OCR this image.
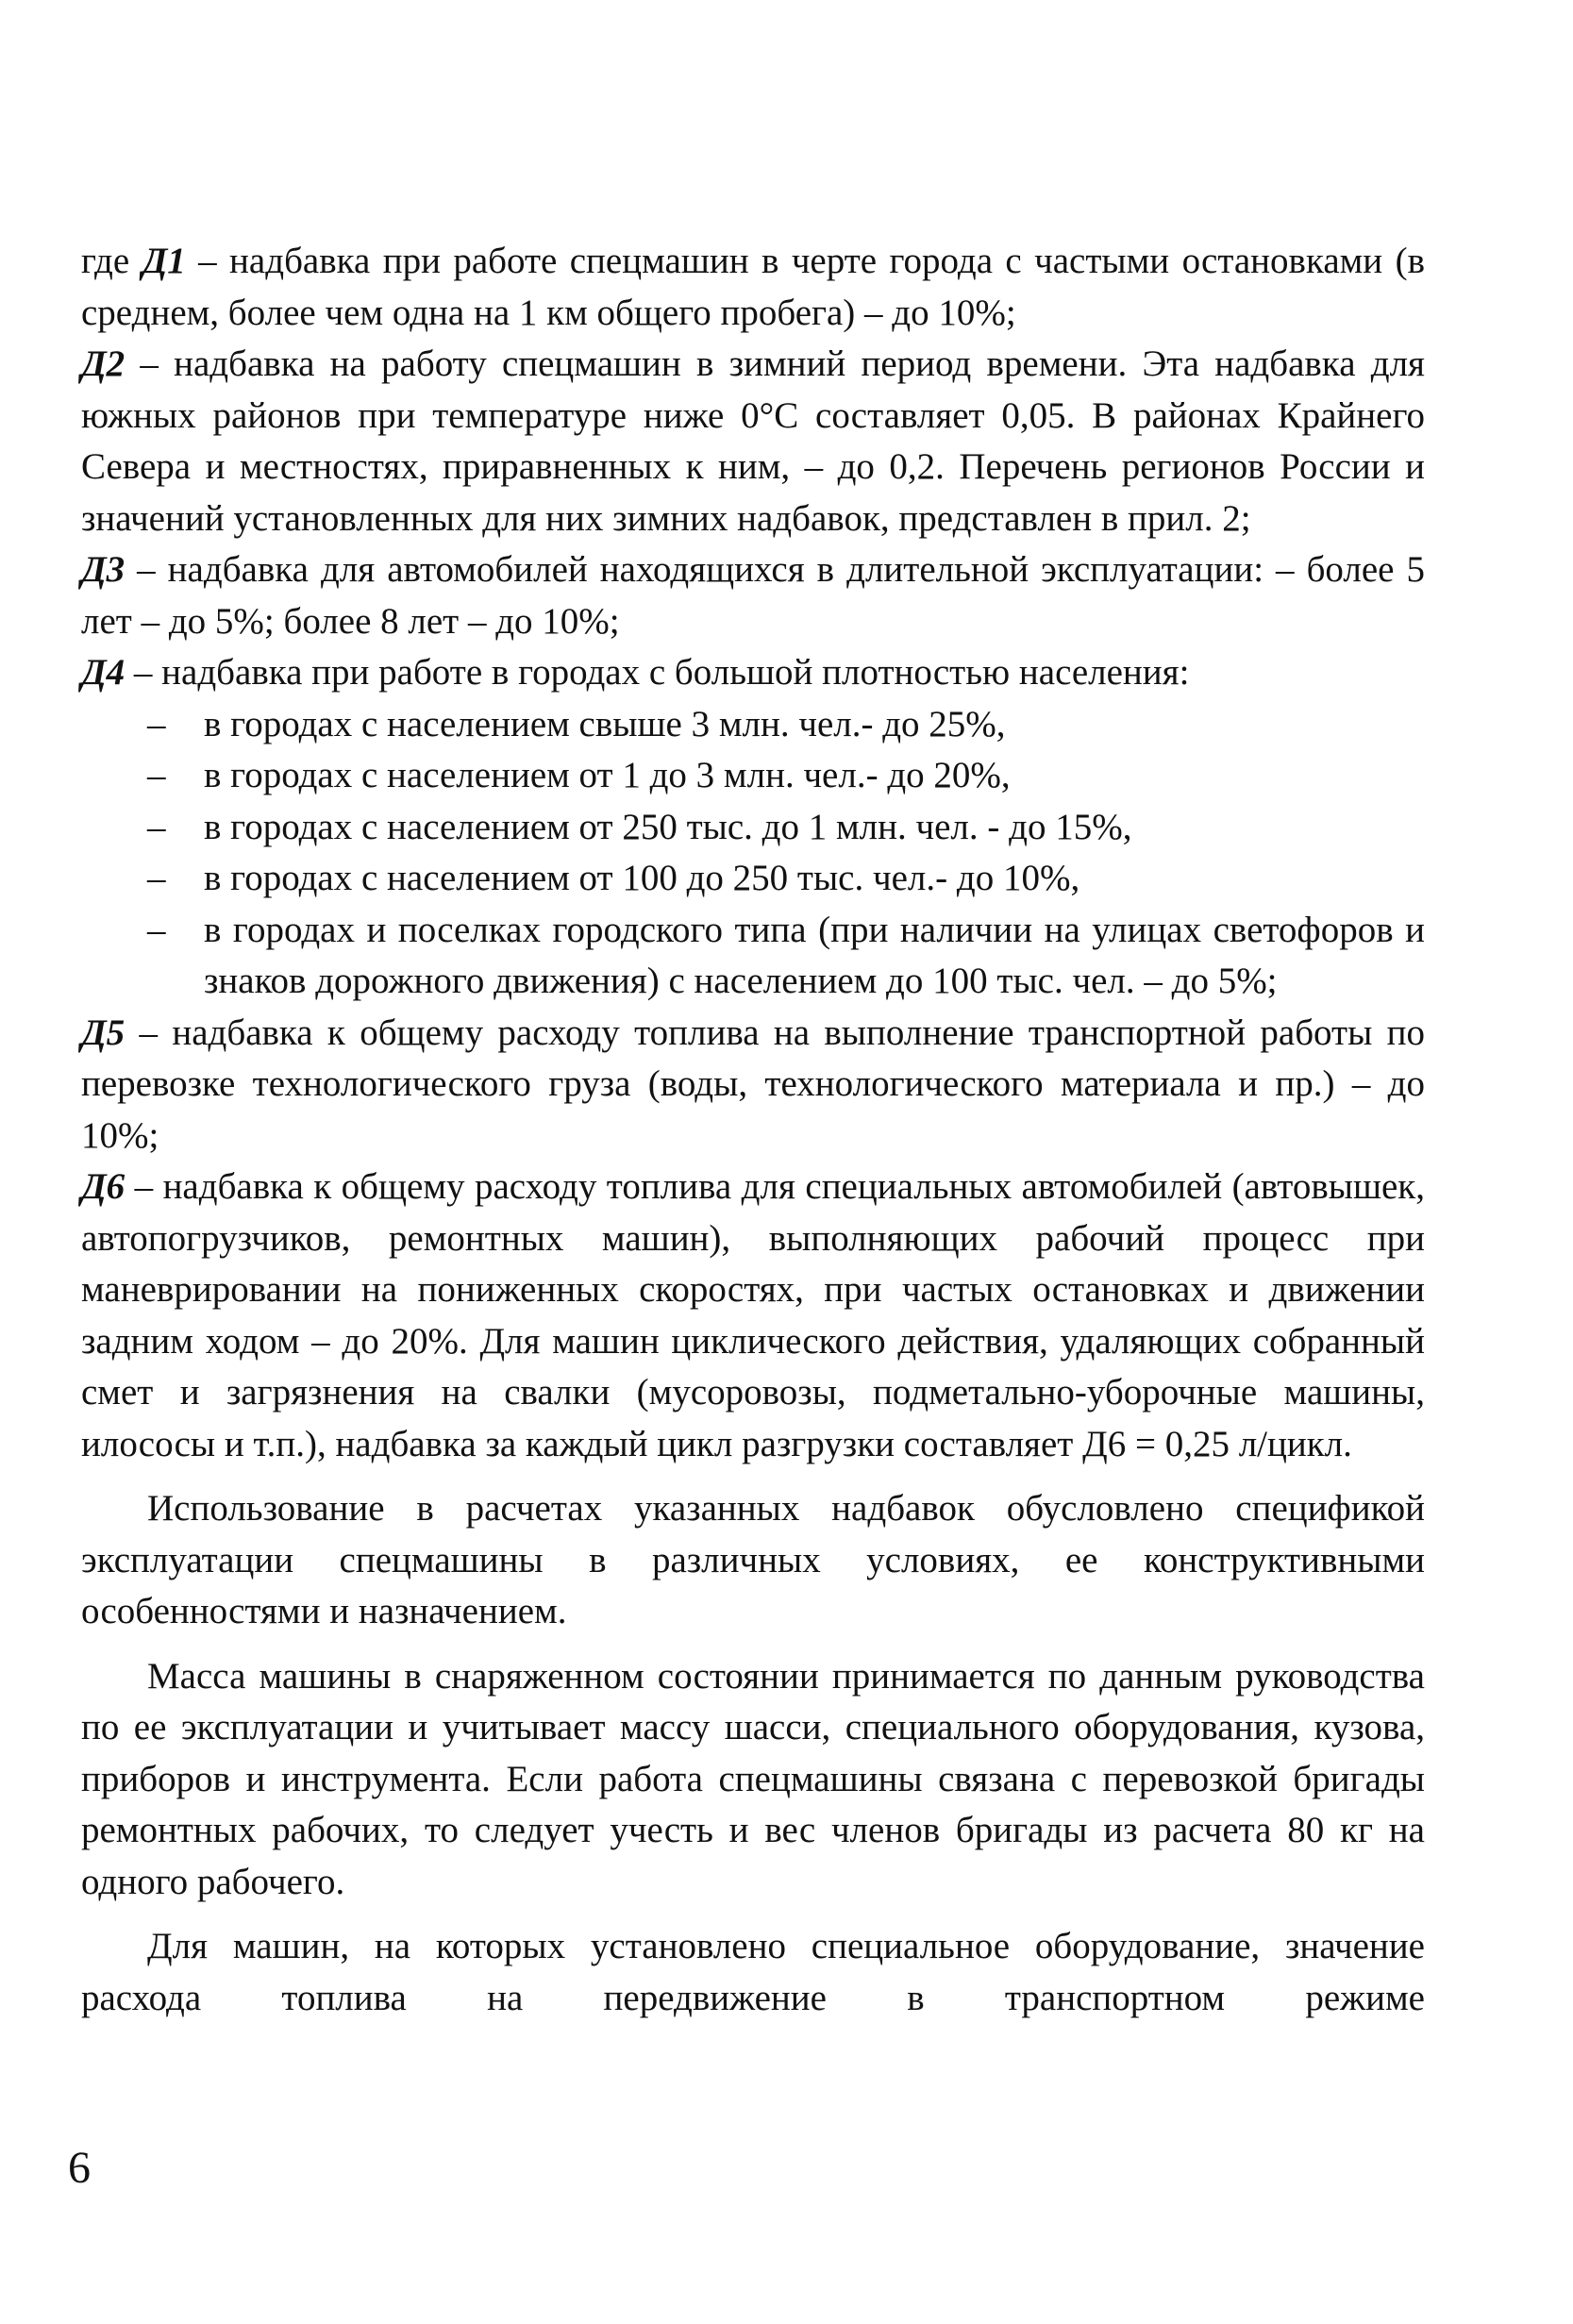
где Д1 – надбавка при работе спецмашин в черте города с частыми остановками (в среднем, более чем одна на 1 км общего пробега) – до 10%;

Д2 – надбавка на работу спецмашин в зимний период времени. Эта надбавка для южных районов при температуре ниже 0°С составляет 0,05. В районах Крайнего Севера и местностях, приравненных к ним, – до 0,2. Перечень регионов России и значений установленных для них зимних надбавок, представлен в прил. 2;

Д3 – надбавка для автомобилей находящихся в длительной эксплуатации: – более 5 лет – до 5%; более 8 лет – до 10%;

Д4 – надбавка при работе в городах с большой плотностью населения:

– в городах с населением свыше 3 млн. чел.- до 25%,
– в городах с населением от 1 до 3 млн. чел.- до 20%,
– в городах с населением от 250 тыс. до 1 млн. чел. - до 15%,
– в городах с населением от 100 до 250 тыс. чел.- до 10%,
– в городах и поселках городского типа (при наличии на улицах светофоров и знаков дорожного движения) с населением до 100 тыс. чел. – до 5%;

Д5 – надбавка к общему расходу топлива на выполнение транспортной работы по перевозке технологического груза (воды, технологического материала и пр.) – до 10%;

Д6 – надбавка к общему расходу топлива для специальных автомобилей (автовышек, автопогрузчиков, ремонтных машин), выполняющих рабочий процесс при маневрировании на пониженных скоростях, при частых остановках и движении задним ходом – до 20%. Для машин циклического действия, удаляющих собранный смет и загрязнения на свалки (мусоровозы, подметально-уборочные машины, илососы и т.п.), надбавка за каждый цикл разгрузки составляет Д6 = 0,25 л/цикл.

Использование в расчетах указанных надбавок обусловлено спецификой эксплуатации спецмашины в различных условиях, ее конструктивными особенностями и назначением.

Масса машины в снаряженном состоянии принимается по данным руководства по ее эксплуатации и учитывает массу шасси, специального оборудования, кузова, приборов и инструмента. Если работа спецмашины связана с перевозкой бригады ремонтных рабочих, то следует учесть и вес членов бригады из расчета 80 кг на одного рабочего.

Для машин, на которых установлено специальное оборудование, значение расхода топлива на передвижение в транспортном режиме

6
